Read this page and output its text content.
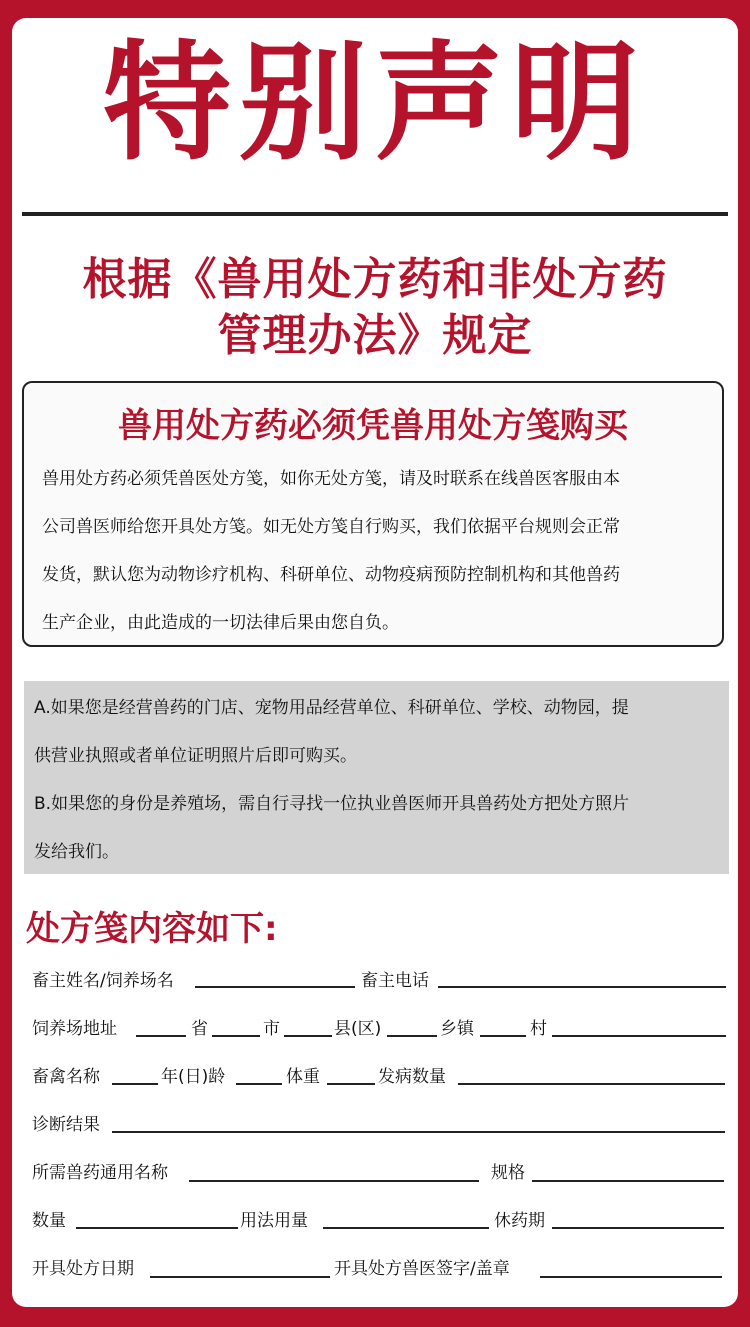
特别声明
根据《兽用处方药和非处方药
管理办法》规定
兽用处方药必须凭兽用处方笺购买
兽用处方药必须凭兽医处方笺，如你无处方笺，请及时联系在线兽医客服由本
公司兽医师给您开具处方笺。如无处方笺自行购买，我们依据平台规则会正常
发货，默认您为动物诊疗机构、科研单位、动物疫病预防控制机构和其他兽药
生产企业，由此造成的一切法律后果由您自负。
A.如果您是经营兽药的门店、宠物用品经营单位、科研单位、学校、动物园，提
供营业执照或者单位证明照片后即可购买。
B.如果您的身份是养殖场，需自行寻找一位执业兽医师开具兽药处方把处方照片
发给我们。
处方笺内容如下:
畜主姓名/饲养场名	畜主电话
饲养场地址	省	市	县(区)	乡镇	村
畜禽名称	年(日)龄	体重	发病数量
诊断结果
所需兽药通用名称	规格
数量	用法用量	休药期
开具处方日期	开具处方兽医签字/盖章
